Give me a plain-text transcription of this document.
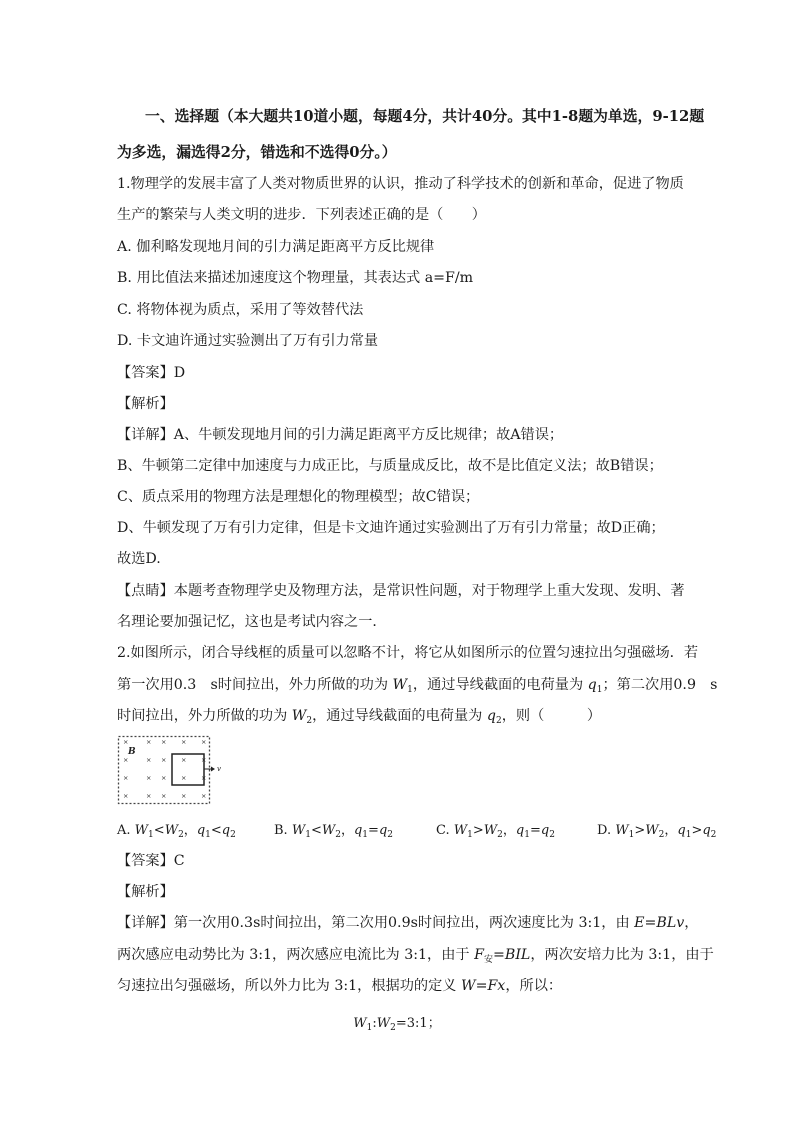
一、选择题（本大题共10道小题，每题4分，共计40分。其中1-8题为单选，9-12题
为多选，漏选得2分，错选和不选得0分。）
1.物理学的发展丰富了人类对物质世界的认识，推动了科学技术的创新和革命，促进了物质
生产的繁荣与人类文明的进步．下列表述正确的是（　　）
A. 伽利略发现地月间的引力满足距离平方反比规律
B. 用比值法来描述加速度这个物理量，其表达式 a=F/m
C. 将物体视为质点，采用了等效替代法
D. 卡文迪许通过实验测出了万有引力常量
【答案】D
【解析】
【详解】A、牛顿发现地月间的引力满足距离平方反比规律；故A错误；
B、牛顿第二定律中加速度与力成正比，与质量成反比，故不是比值定义法；故B错误；
C、质点采用的物理方法是理想化的物理模型；故C错误；
D、牛顿发现了万有引力定律，但是卡文迪许通过实验测出了万有引力常量；故D正确；
故选D.
【点睛】本题考查物理学史及物理方法，是常识性问题，对于物理学上重大发现、发明、著
名理论要加强记忆，这也是考试内容之一．
2.如图所示，闭合导线框的质量可以忽略不计，将它从如图所示的位置匀速拉出匀强磁场．若
第一次用0.3　s时间拉出，外力所做的功为 $W_1$，通过导线截面的电荷量为 $q_1$；第二次用0.9　s
时间拉出，外力所做的功为 $W_2$，通过导线截面的电荷量为 $q_2$，则（　　　）
×	× × × ×
×	× × × ×
×	× × × ×
×	× × × ×
B
v
A. $W_1<W_2$，$q_1<q_2$	B. $W_1<W_2$，$q_1=q_2$	C. $W_1>W_2$，$q_1=q_2$	D. $W_1>W_2$，$q_1>q_2$
【答案】C
【解析】
【详解】第一次用0.3s时间拉出，第二次用0.9s时间拉出，两次速度比为 3:1，由 E=BLv，
两次感应电动势比为 3:1，两次感应电流比为 3:1，由于 $F_安=BIL$，两次安培力比为 3:1，由于
匀速拉出匀强磁场，所以外力比为 3:1，根据功的定义 W=Fx，所以：
$W_1:W_2=3:1$；
